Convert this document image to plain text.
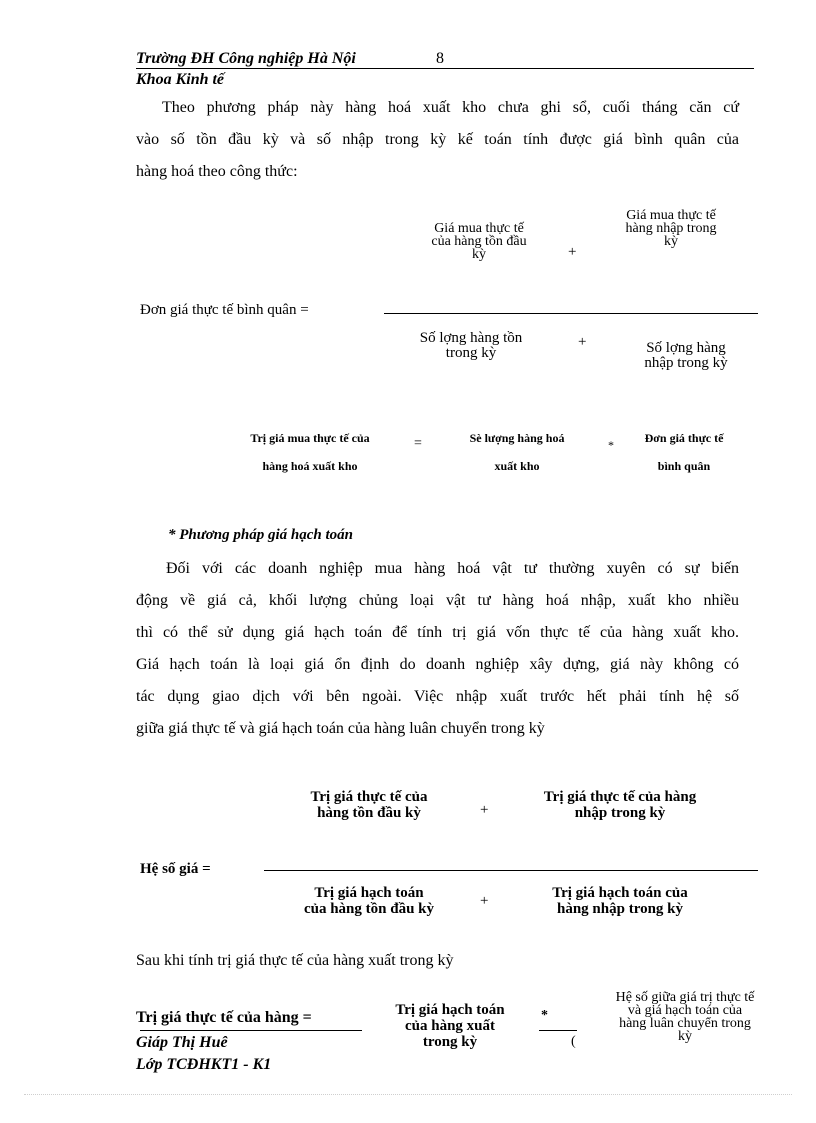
Trường ĐH Công nghiệp Hà Nội	8
Khoa Kinh tế
Theo phương pháp này hàng hoá xuất kho chưa ghi sổ, cuối tháng căn cứ
vào số tồn đầu kỳ và số nhập trong kỳ kế toán tính được giá bình quân của
hàng hoá theo công thức:
Giá mua thực tế
của hàng tồn đầu
kỳ	+
Giá mua thực tế
hàng nhập trong
kỳ
Đơn giá thực tế bình quân =
Số lợng hàng tồn
trong kỳ
+	Số lợng hàng
nhập trong kỳ
Trị giá mua thực tế của
hàng hoá xuất kho
=	Sè lượng hàng hoá
xuất kho
*	Đơn giá thực tế
bình quân
* Phương pháp giá hạch toán
Đối với các doanh nghiệp mua hàng hoá vật tư thường xuyên có sự biến
động về giá cả, khối lượng chủng loại vật tư hàng hoá nhập, xuất kho nhiều
thì có thể sử dụng giá hạch toán để tính trị giá vốn thực tế của hàng xuất kho.
Giá hạch toán là loại giá ổn định do doanh nghiệp xây dựng, giá này không có
tác dụng giao dịch với bên ngoài. Việc nhập xuất trước hết phải tính hệ số
giữa giá thực tế và giá hạch toán của hàng luân chuyển trong kỳ
Trị giá thực tế của
hàng tồn đầu kỳ	+
Trị giá thực tế của hàng
nhập trong kỳ
Hệ số giá =
Trị giá hạch toán
của hàng tồn đầu kỳ	+	Trị giá hạch toán của
hàng nhập trong kỳ
Sau khi tính trị giá thực tế của hàng xuất trong kỳ
Trị giá thực tế của hàng =	Trị giá hạch toán
của hàng xuất
trong kỳ
*
(
Hệ số giữa giá trị thực tế
và giá hạch toán của
hàng luân chuyển trong
kỳ
Giáp Thị Huê
Lớp TCĐHKT1 - K1
